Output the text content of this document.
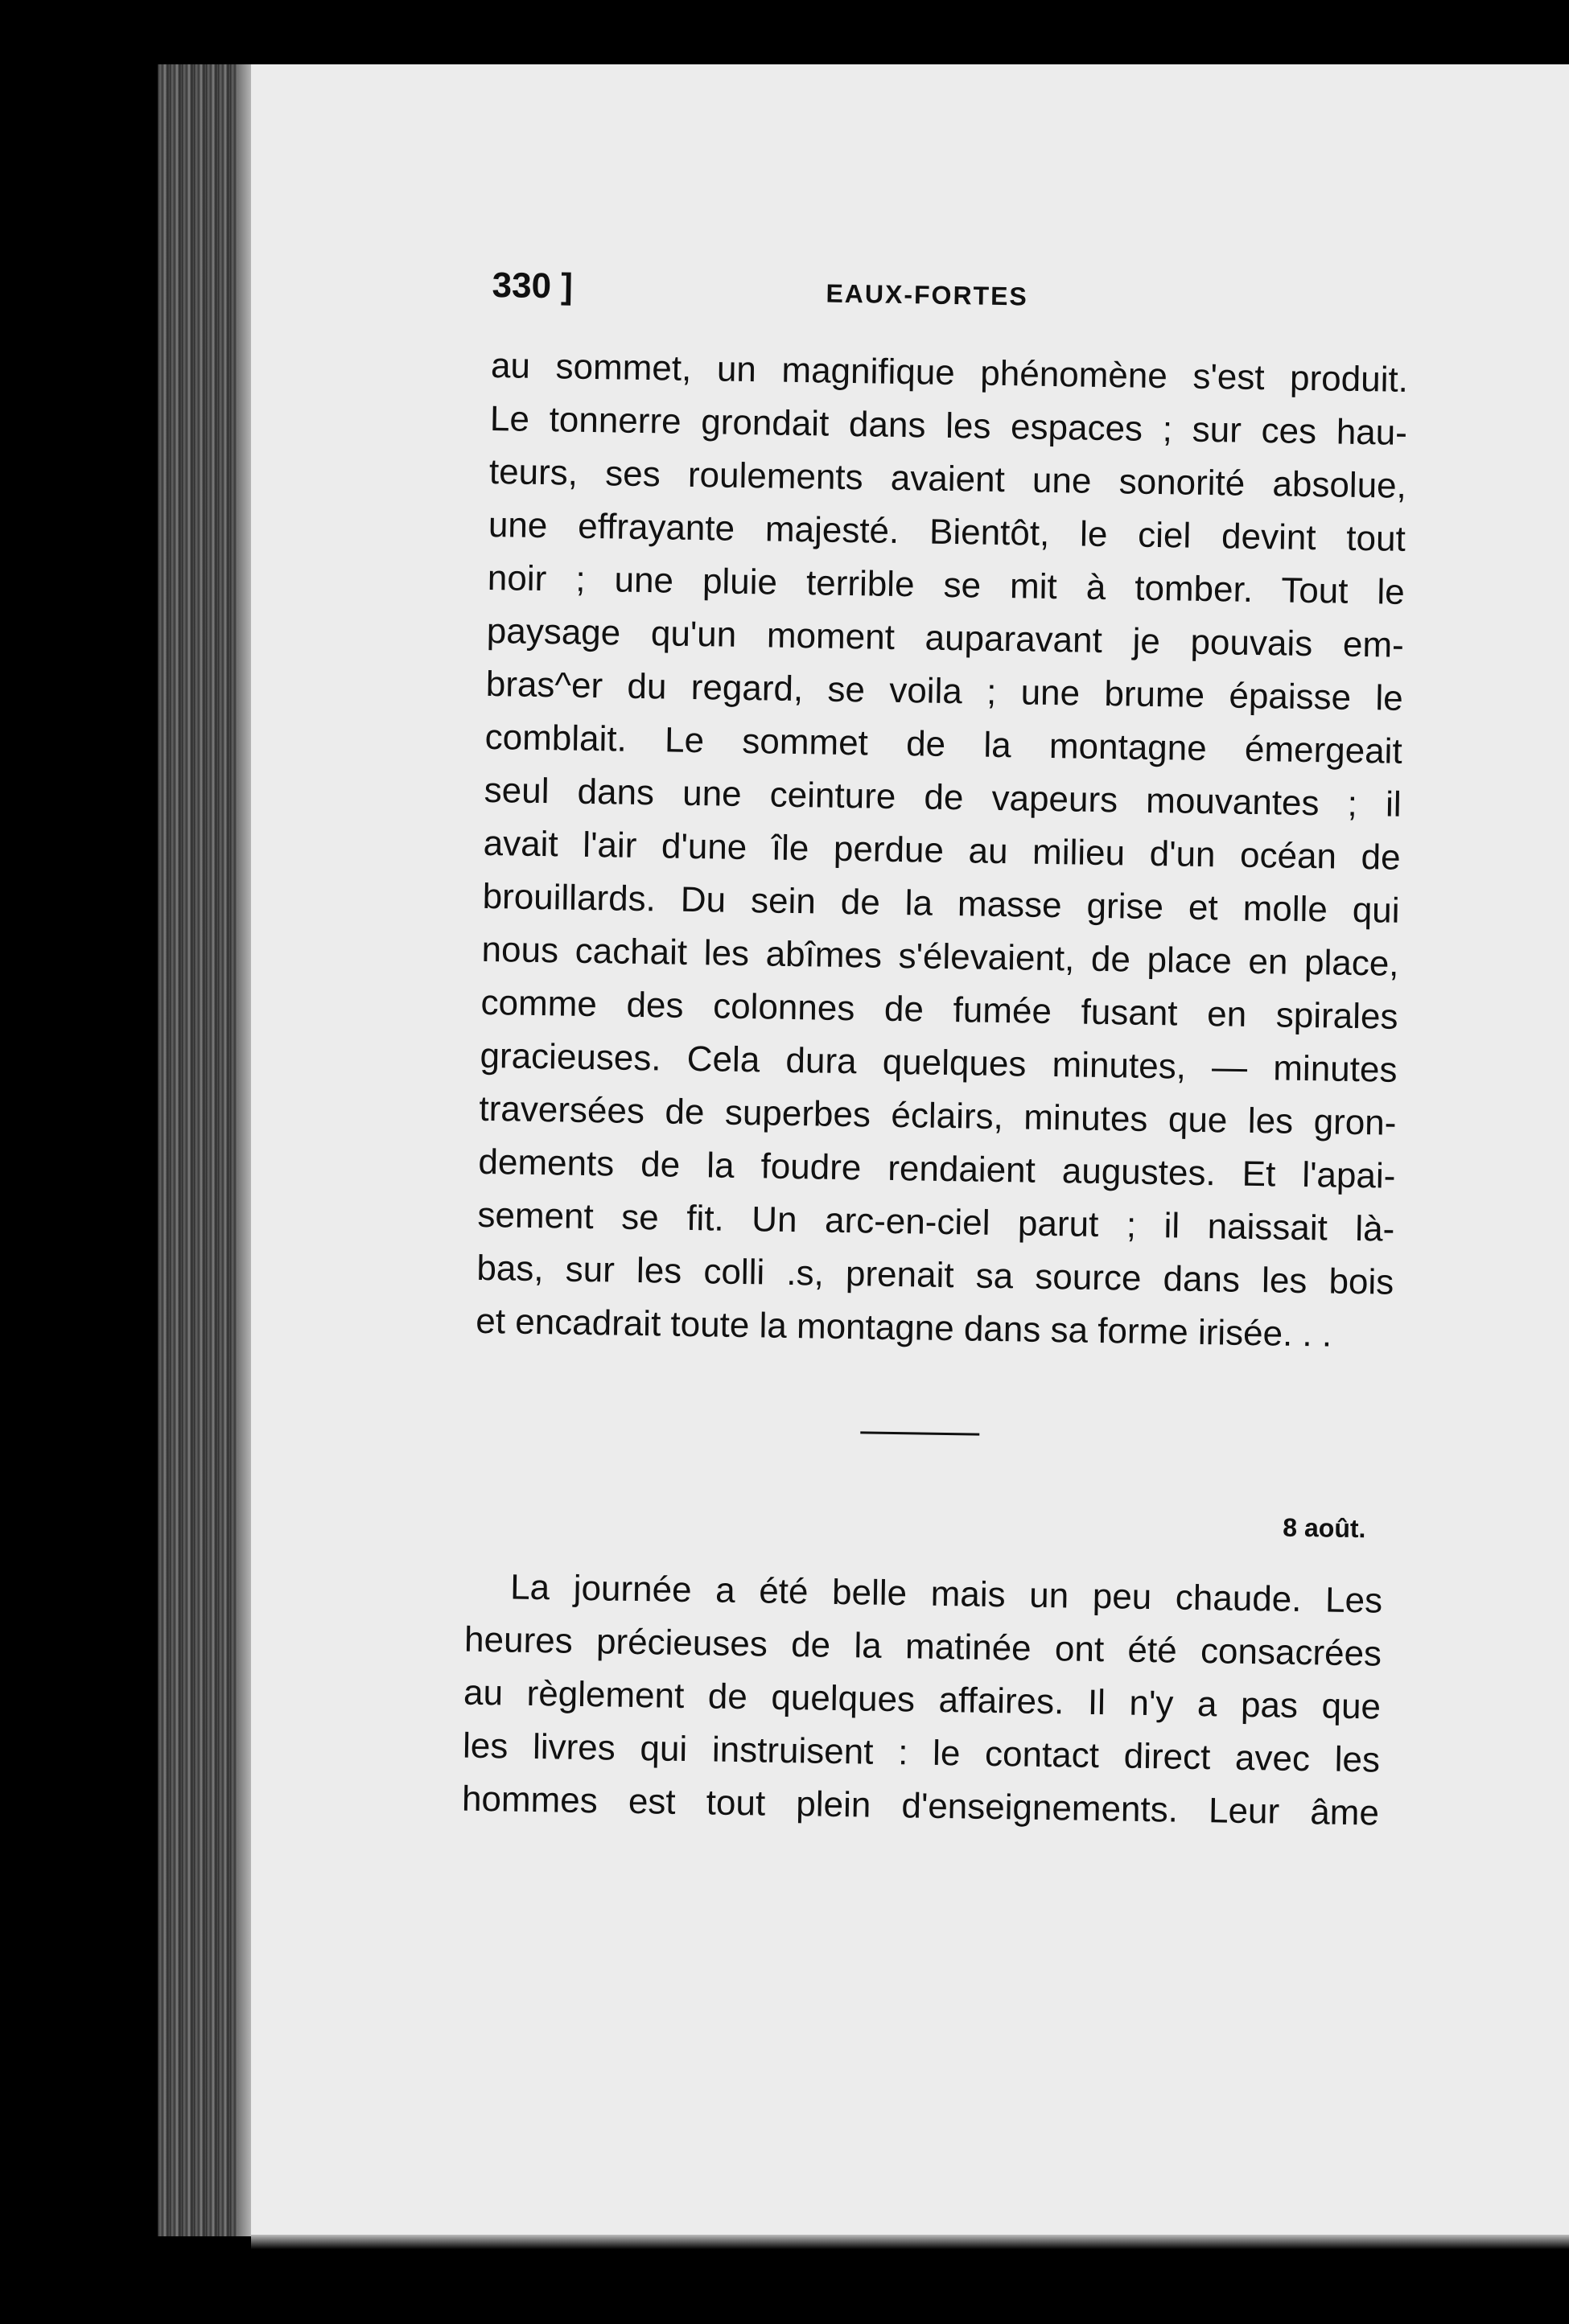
330 ]	EAUX-FORTES
au sommet, un magnifique phénomène s'est produit.
Le tonnerre grondait dans les espaces ; sur ces hau-
teurs, ses roulements avaient une sonorité absolue,
une effrayante majesté. Bientôt, le ciel devint tout
noir ; une pluie terrible se mit à tomber. Tout le
paysage qu'un moment auparavant je pouvais em-
bras^er du regard, se voila ; une brume épaisse le
comblait. Le sommet de la montagne émergeait
seul dans une ceinture de vapeurs mouvantes ; il
avait l'air d'une île perdue au milieu d'un océan de
brouillards. Du sein de la masse grise et molle qui
nous cachait les abîmes s'élevaient, de place en place,
comme des colonnes de fumée fusant en spirales
gracieuses. Cela dura quelques minutes, — minutes
traversées de superbes éclairs, minutes que les gron-
dements de la foudre rendaient augustes. Et l'apai-
sement se fit. Un arc-en-ciel parut ; il naissait là-
bas, sur les colli .s, prenait sa source dans les bois
et encadrait toute la montagne dans sa forme irisée. . .
8 août.
La journée a été belle mais un peu chaude. Les
heures précieuses de la matinée ont été consacrées
au règlement de quelques affaires. Il n'y a pas que
les livres qui instruisent : le contact direct avec les
hommes est tout plein d'enseignements. Leur âme
